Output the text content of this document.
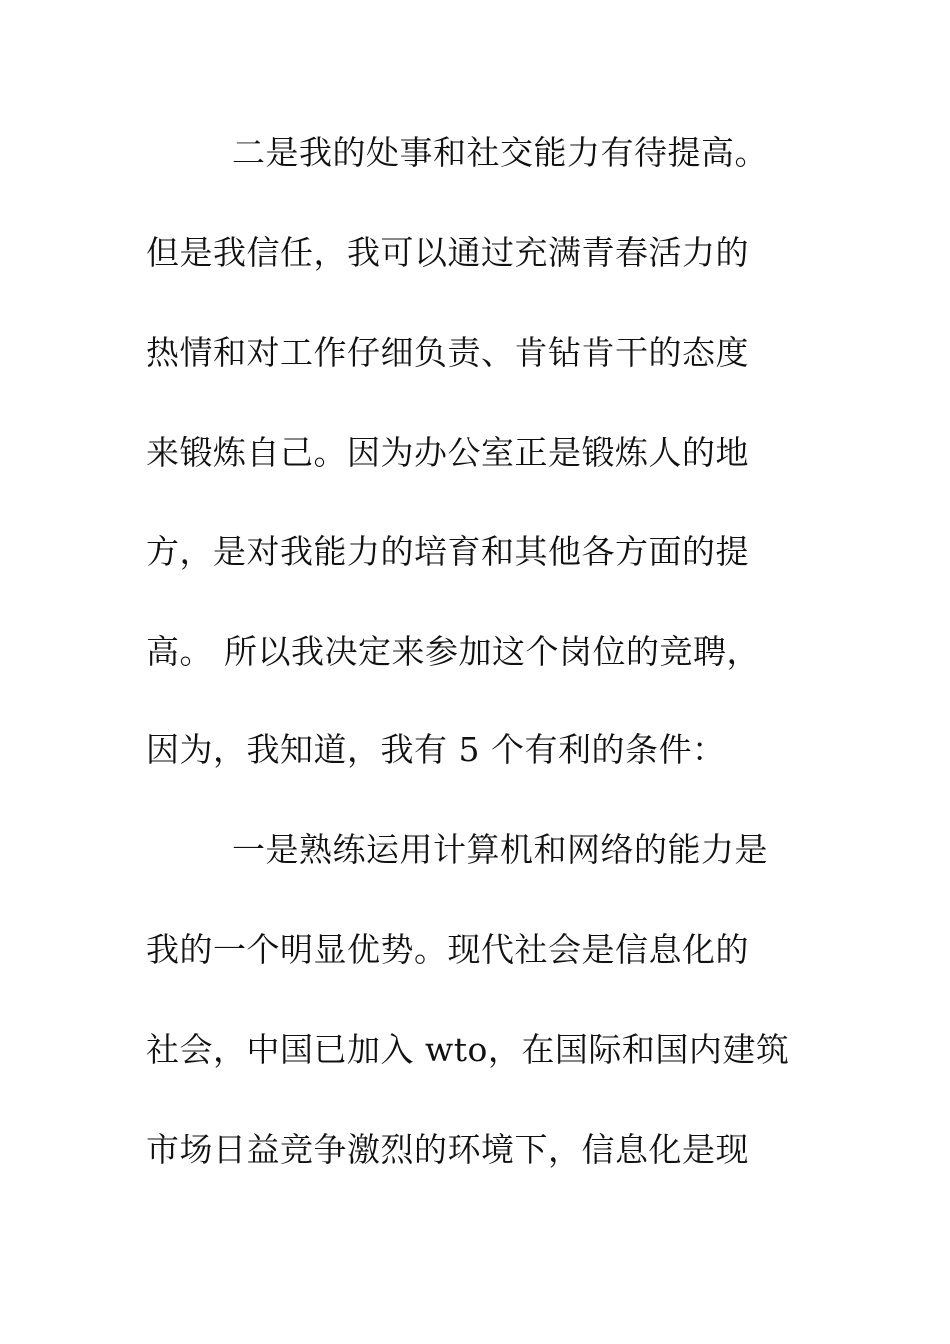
二是我的处事和社交能力有待提高。
但是我信任，我可以通过充满青春活力的
热情和对工作仔细负责、肯钻肯干的态度
来锻炼自己。因为办公室正是锻炼人的地
方，是对我能力的培育和其他各方面的提
高。 所以我决定来参加这个岗位的竞聘，
因为，我知道，我有 5 个有利的条件：
一是熟练运用计算机和网络的能力是
我的一个明显优势。现代社会是信息化的
社会，中国已加入 wto，在国际和国内建筑
市场日益竞争激烈的环境下，信息化是现
